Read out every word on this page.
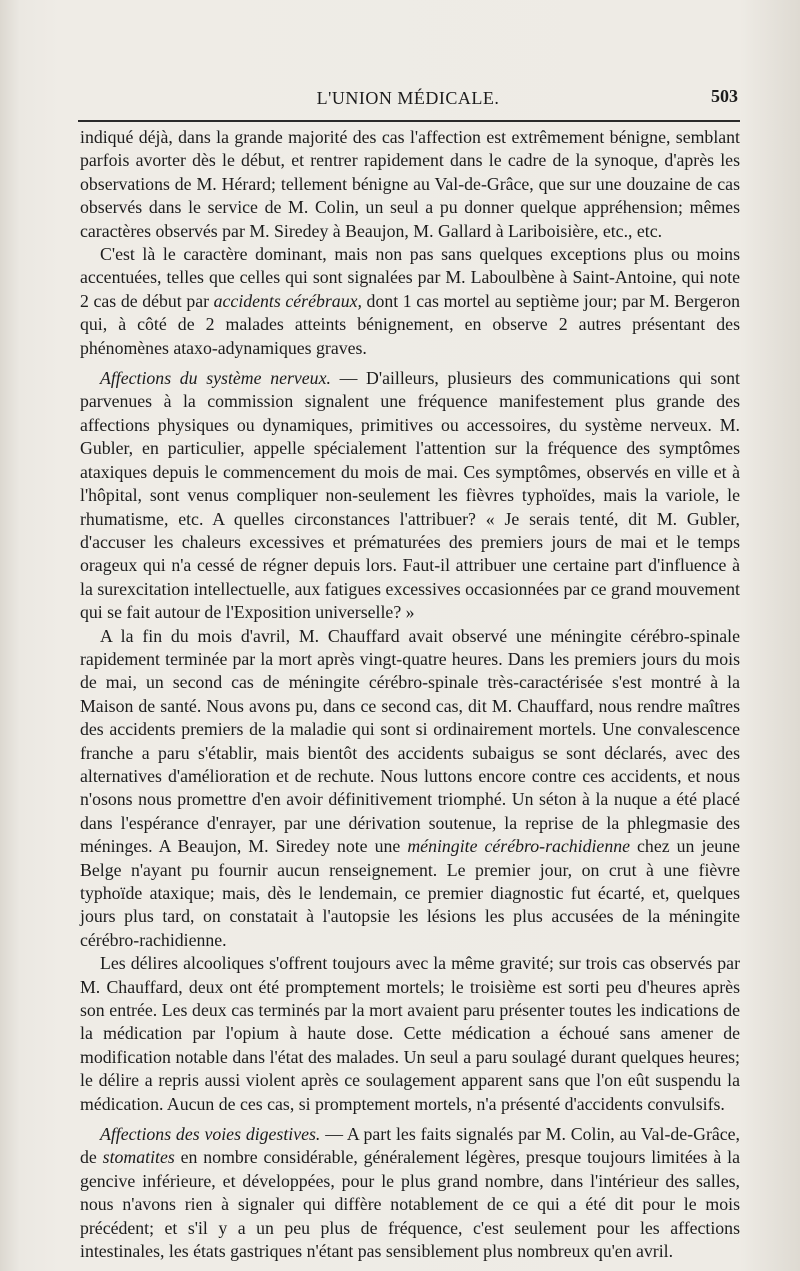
L'UNION MÉDICALE.	503

indiqué déjà, dans la grande majorité des cas l'affection est extrêmement bénigne, semblant parfois avorter dès le début, et rentrer rapidement dans le cadre de la synoque, d'après les observations de M. Hérard; tellement bénigne au Val-de-Grâce, que sur une douzaine de cas observés dans le service de M. Colin, un seul a pu donner quelque appréhension; mêmes caractères observés par M. Siredey à Beaujon, M. Gallard à Lariboisière, etc., etc.

C'est là le caractère dominant, mais non pas sans quelques exceptions plus ou moins accentuées, telles que celles qui sont signalées par M. Laboulbène à Saint-Antoine, qui note 2 cas de début par accidents cérébraux, dont 1 cas mortel au septième jour; par M. Bergeron qui, à côté de 2 malades atteints bénignement, en observe 2 autres présentant des phénomènes ataxo-adynamiques graves.

Affections du système nerveux. — D'ailleurs, plusieurs des communications qui sont parvenues à la commission signalent une fréquence manifestement plus grande des affections physiques ou dynamiques, primitives ou accessoires, du système nerveux. M. Gubler, en particulier, appelle spécialement l'attention sur la fréquence des symptômes ataxiques depuis le commencement du mois de mai. Ces symptômes, observés en ville et à l'hôpital, sont venus compliquer non-seulement les fièvres typhoïdes, mais la variole, le rhumatisme, etc. A quelles circonstances l'attribuer? « Je serais tenté, dit M. Gubler, d'accuser les chaleurs excessives et prématurées des premiers jours de mai et le temps orageux qui n'a cessé de régner depuis lors. Faut-il attribuer une certaine part d'influence à la surexcitation intellectuelle, aux fatigues excessives occasionnées par ce grand mouvement qui se fait autour de l'Exposition universelle? »

A la fin du mois d'avril, M. Chauffard avait observé une méningite cérébro-spinale rapidement terminée par la mort après vingt-quatre heures. Dans les premiers jours du mois de mai, un second cas de méningite cérébro-spinale très-caractérisée s'est montré à la Maison de santé. Nous avons pu, dans ce second cas, dit M. Chauffard, nous rendre maîtres des accidents premiers de la maladie qui sont si ordinairement mortels. Une convalescence franche a paru s'établir, mais bientôt des accidents subaigus se sont déclarés, avec des alternatives d'amélioration et de rechute. Nous luttons encore contre ces accidents, et nous n'osons nous promettre d'en avoir définitivement triomphé. Un séton à la nuque a été placé dans l'espérance d'enrayer, par une dérivation soutenue, la reprise de la phlegmasie des méninges. A Beaujon, M. Siredey note une méningite cérébro-rachidienne chez un jeune Belge n'ayant pu fournir aucun renseignement. Le premier jour, on crut à une fièvre typhoïde ataxique; mais, dès le lendemain, ce premier diagnostic fut écarté, et, quelques jours plus tard, on constatait à l'autopsie les lésions les plus accusées de la méningite cérébro-rachidienne.

Les délires alcooliques s'offrent toujours avec la même gravité; sur trois cas observés par M. Chauffard, deux ont été promptement mortels; le troisième est sorti peu d'heures après son entrée. Les deux cas terminés par la mort avaient paru présenter toutes les indications de la médication par l'opium à haute dose. Cette médication a échoué sans amener de modification notable dans l'état des malades. Un seul a paru soulagé durant quelques heures; le délire a repris aussi violent après ce soulagement apparent sans que l'on eût suspendu la médication. Aucun de ces cas, si promptement mortels, n'a présenté d'accidents convulsifs.

Affections des voies digestives. — A part les faits signalés par M. Colin, au Val-de-Grâce, de stomatites en nombre considérable, généralement légères, presque toujours limitées à la gencive inférieure, et développées, pour le plus grand nombre, dans l'intérieur des salles, nous n'avons rien à signaler qui diffère notablement de ce qui a été dit pour le mois précédent; et s'il y a un peu plus de fréquence, c'est seulement pour les affections intestinales, les états gastriques n'étant pas sensiblement plus nombreux qu'en avril.
